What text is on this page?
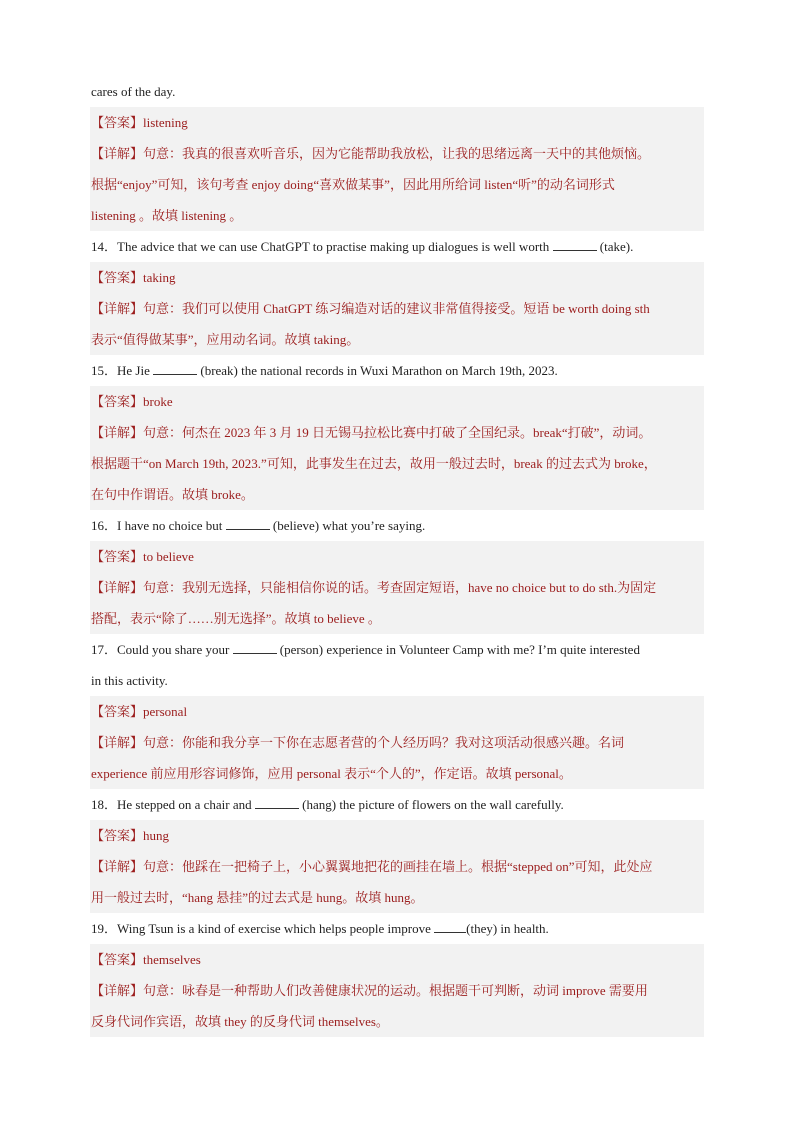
cares of the day.
【答案】listening
【详解】句意：我真的很喜欢听音乐，因为它能帮助我放松，让我的思绪远离一天中的其他烦恼。
根据“enjoy”可知，该句考查 enjoy doing“喜欢做某事”，因此用所给词 listen“听”的动名词形式
listening 。故填 listening 。
14．The advice that we can use ChatGPT to practise making up dialogues is well worth	(take).
【答案】taking
【详解】句意：我们可以使用 ChatGPT 练习编造对话的建议非常值得接受。短语 be worth doing sth
表示“值得做某事”，应用动名词。故填 taking。
15．He Jie	(break) the national records in Wuxi Marathon on March 19th, 2023.
【答案】broke
【详解】句意：何杰在 2023 年 3 月 19 日无锡马拉松比赛中打破了全国纪录。break“打破”，动词。
根据题干“on March 19th, 2023.”可知，此事发生在过去，故用一般过去时，break 的过去式为 broke，
在句中作谓语。故填 broke。
16．I have no choice but	(believe) what you’re saying.
【答案】to believe
【详解】句意：我别无选择，只能相信你说的话。考查固定短语，have no choice but to do sth.为固定
搭配，表示“除了……别无选择”。故填 to believe 。
17．Could you share your	(person) experience in Volunteer Camp with me? I’m quite interested
in this activity.
【答案】personal
【详解】句意：你能和我分享一下你在志愿者营的个人经历吗？我对这项活动很感兴趣。名词
experience 前应用形容词修饰，应用 personal 表示“个人的”，作定语。故填 personal。
18．He stepped on a chair and	(hang) the picture of flowers on the wall carefully.
【答案】hung
【详解】句意：他踩在一把椅子上，小心翼翼地把花的画挂在墙上。根据“stepped on”可知，此处应
用一般过去时，“hang 悬挂”的过去式是 hung。故填 hung。
19．Wing Tsun is a kind of exercise which helps people improve	(they) in health.
【答案】themselves
【详解】句意：咏春是一种帮助人们改善健康状况的运动。根据题干可判断，动词 improve 需要用
反身代词作宾语，故填 they 的反身代词 themselves。
